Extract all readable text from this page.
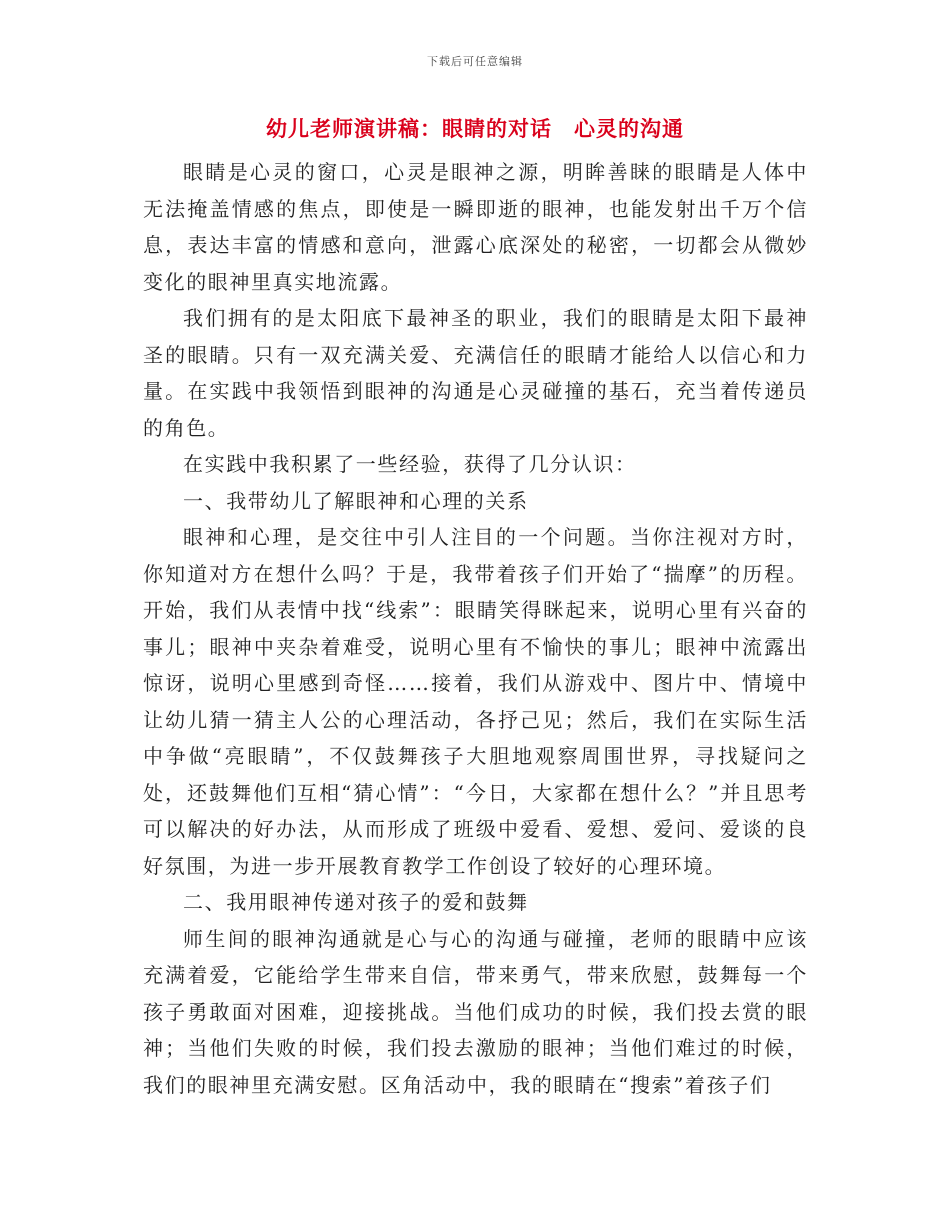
下载后可任意编辑
幼儿老师演讲稿：眼睛的对话　心灵的沟通

眼睛是心灵的窗口，心灵是眼神之源，明眸善睐的眼睛是人体中无法掩盖情感的焦点，即使是一瞬即逝的眼神，也能发射出千万个信息，表达丰富的情感和意向，泄露心底深处的秘密，一切都会从微妙变化的眼神里真实地流露。

我们拥有的是太阳底下最神圣的职业，我们的眼睛是太阳下最神圣的眼睛。只有一双充满关爱、充满信任的眼睛才能给人以信心和力量。在实践中我领悟到眼神的沟通是心灵碰撞的基石，充当着传递员的角色。

在实践中我积累了一些经验，获得了几分认识：

一、我带幼儿了解眼神和心理的关系

眼神和心理，是交往中引人注目的一个问题。当你注视对方时，你知道对方在想什么吗？于是，我带着孩子们开始了“揣摩”的历程。开始，我们从表情中找“线索”：眼睛笑得眯起来，说明心里有兴奋的事儿；眼神中夹杂着难受，说明心里有不愉快的事儿；眼神中流露出惊讶，说明心里感到奇怪……接着，我们从游戏中、图片中、情境中让幼儿猜一猜主人公的心理活动，各抒己见；然后，我们在实际生活中争做“亮眼睛”，不仅鼓舞孩子大胆地观察周围世界，寻找疑问之处，还鼓舞他们互相“猜心情”：“今日，大家都在想什么？”并且思考可以解决的好办法，从而形成了班级中爱看、爱想、爱问、爱谈的良好氛围，为进一步开展教育教学工作创设了较好的心理环境。

二、我用眼神传递对孩子的爱和鼓舞

师生间的眼神沟通就是心与心的沟通与碰撞，老师的眼睛中应该充满着爱，它能给学生带来自信，带来勇气，带来欣慰，鼓舞每一个孩子勇敢面对困难，迎接挑战。当他们成功的时候，我们投去赏的眼神；当他们失败的时候，我们投去激励的眼神；当他们难过的时候，我们的眼神里充满安慰。区角活动中，我的眼睛在“搜索”着孩子们
